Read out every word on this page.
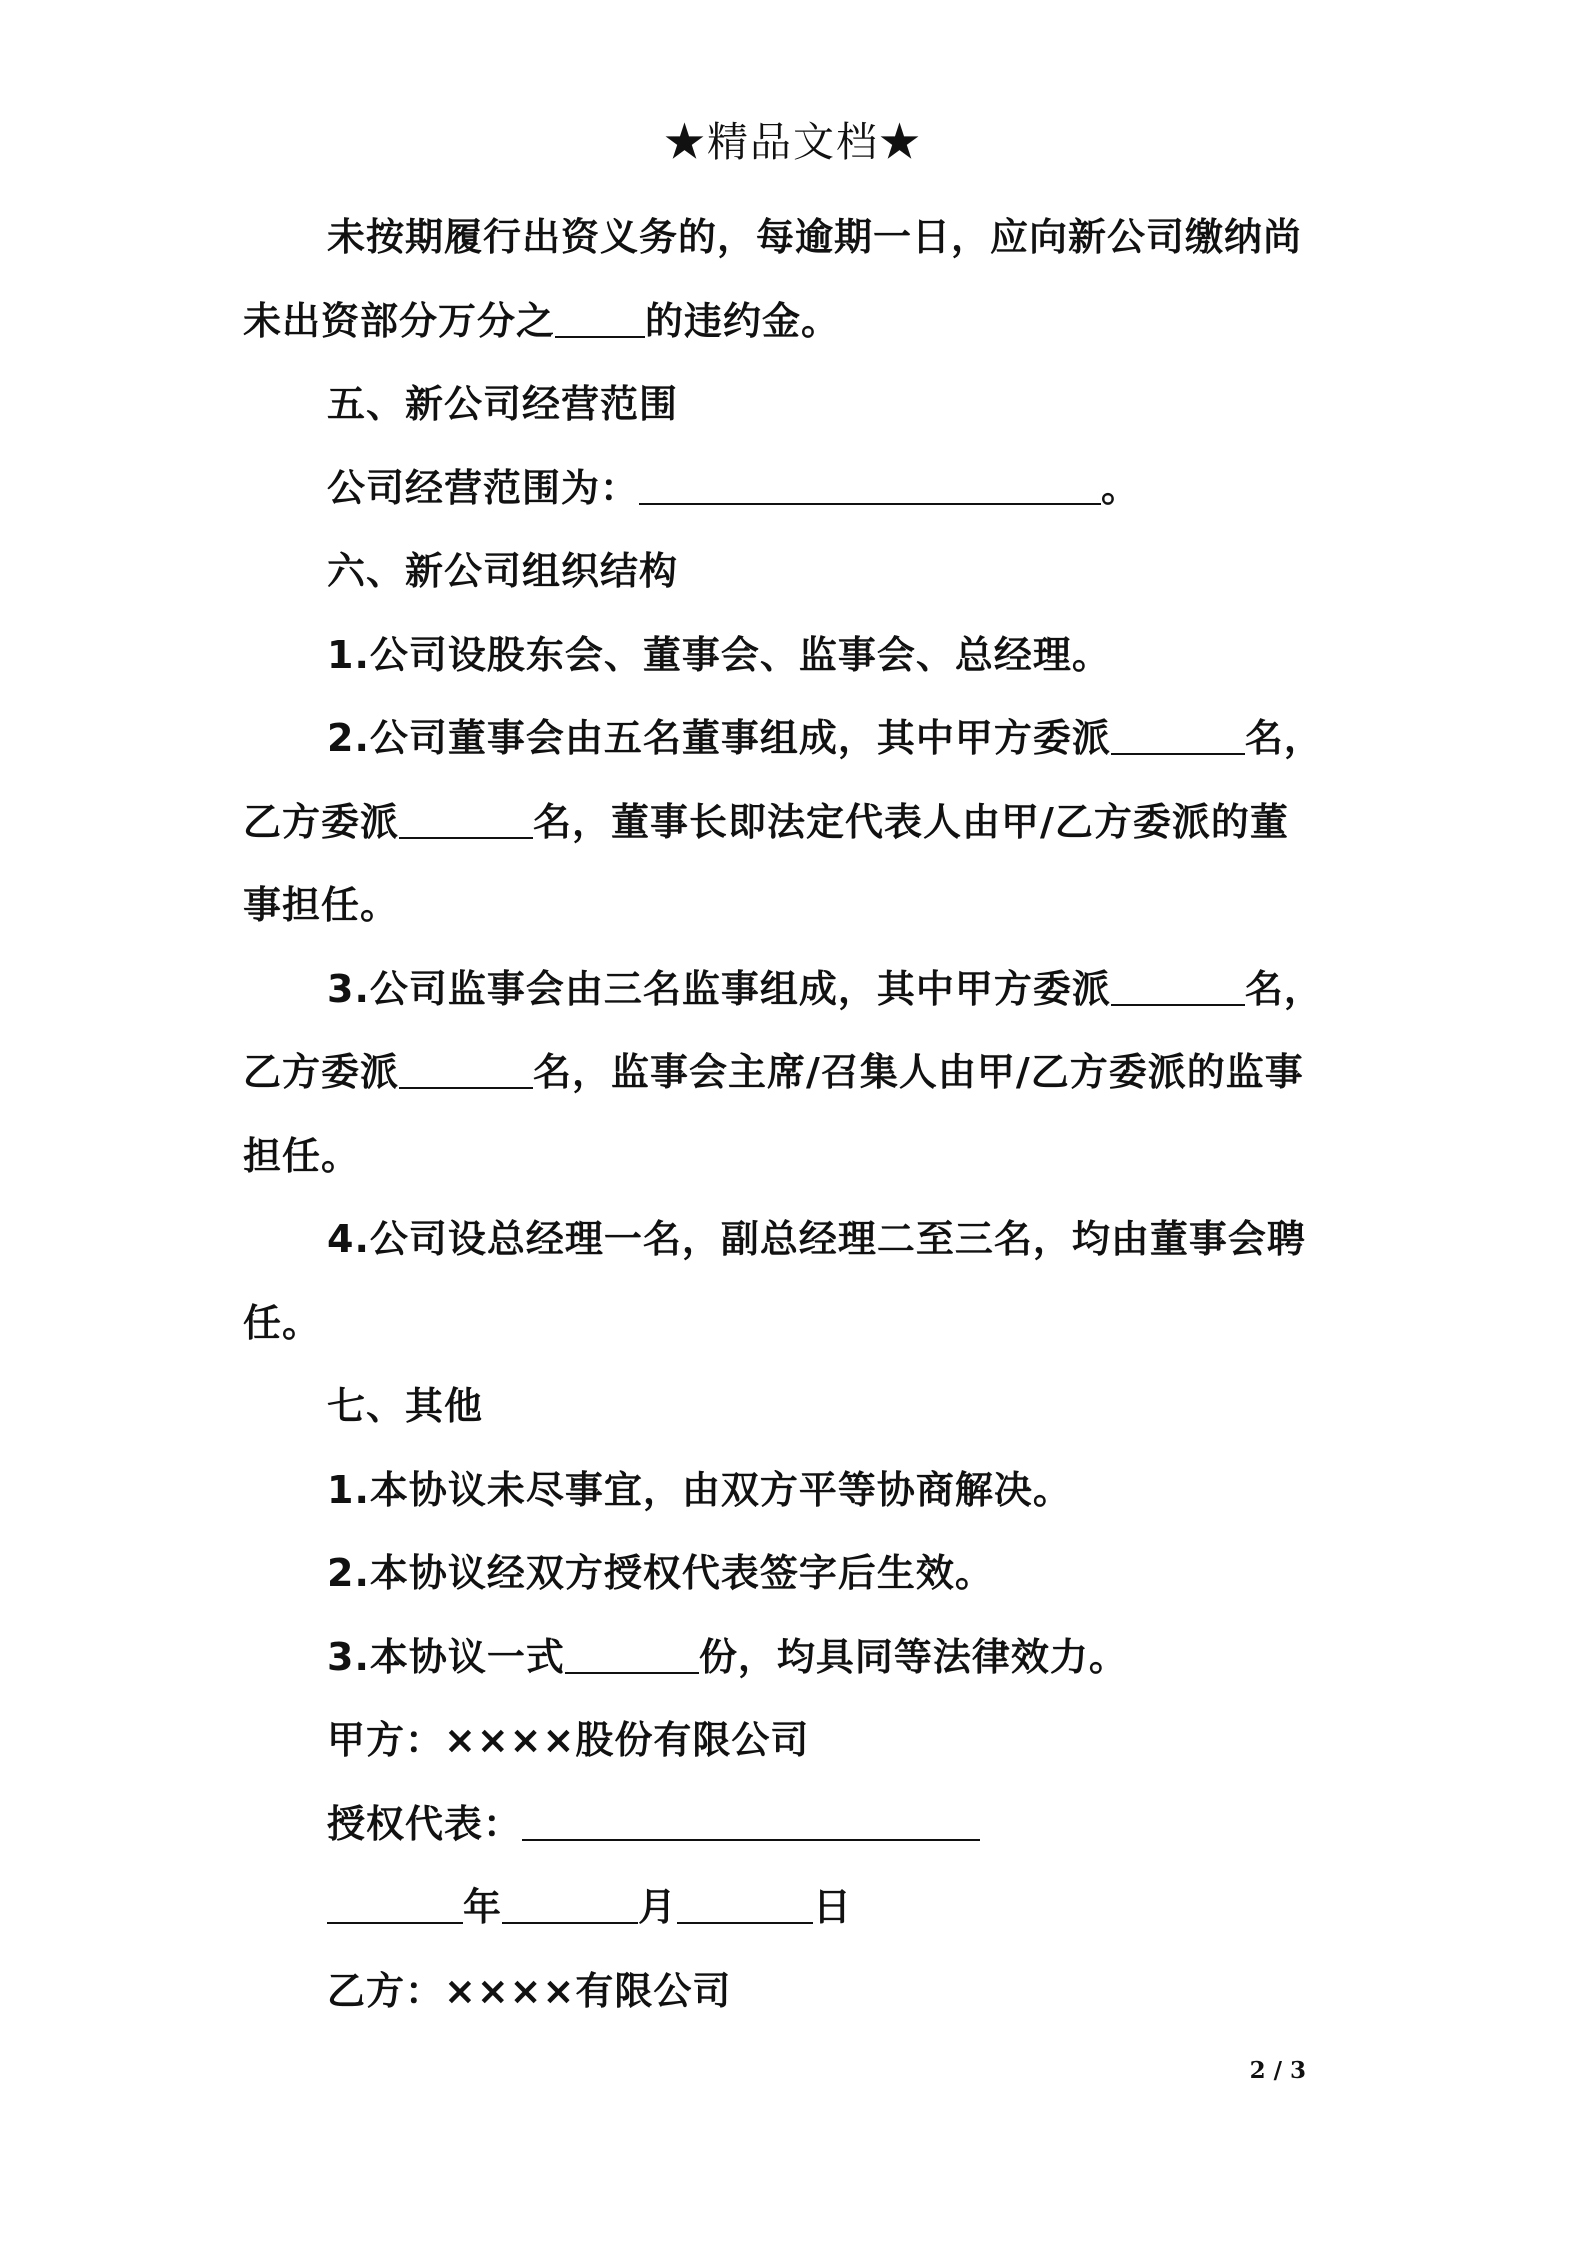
★精品文档★
未按期履行出资义务的，每逾期一日，应向新公司缴纳尚
未出资部分万分之 的违约金。
五、新公司经营范围
公司经营范围为：	。
六、新公司组织结构
1.公司设股东会、董事会、监事会、总经理。
2.公司董事会由五名董事组成，其中甲方委派	名，
乙方委派	名，董事长即法定代表人由甲/乙方委派的董
事担任。
3.公司监事会由三名监事组成，其中甲方委派	名，
乙方委派	名，监事会主席/召集人由甲/乙方委派的监事
担任。
4.公司设总经理一名，副总经理二至三名，均由董事会聘
任。
七、其他
1.本协议未尽事宜，由双方平等协商解决。
2.本协议经双方授权代表签字后生效。
3.本协议一式	份，均具同等法律效力。
甲方：××××股份有限公司
授权代表：
年	月	日
乙方：××××有限公司
2 / 3
